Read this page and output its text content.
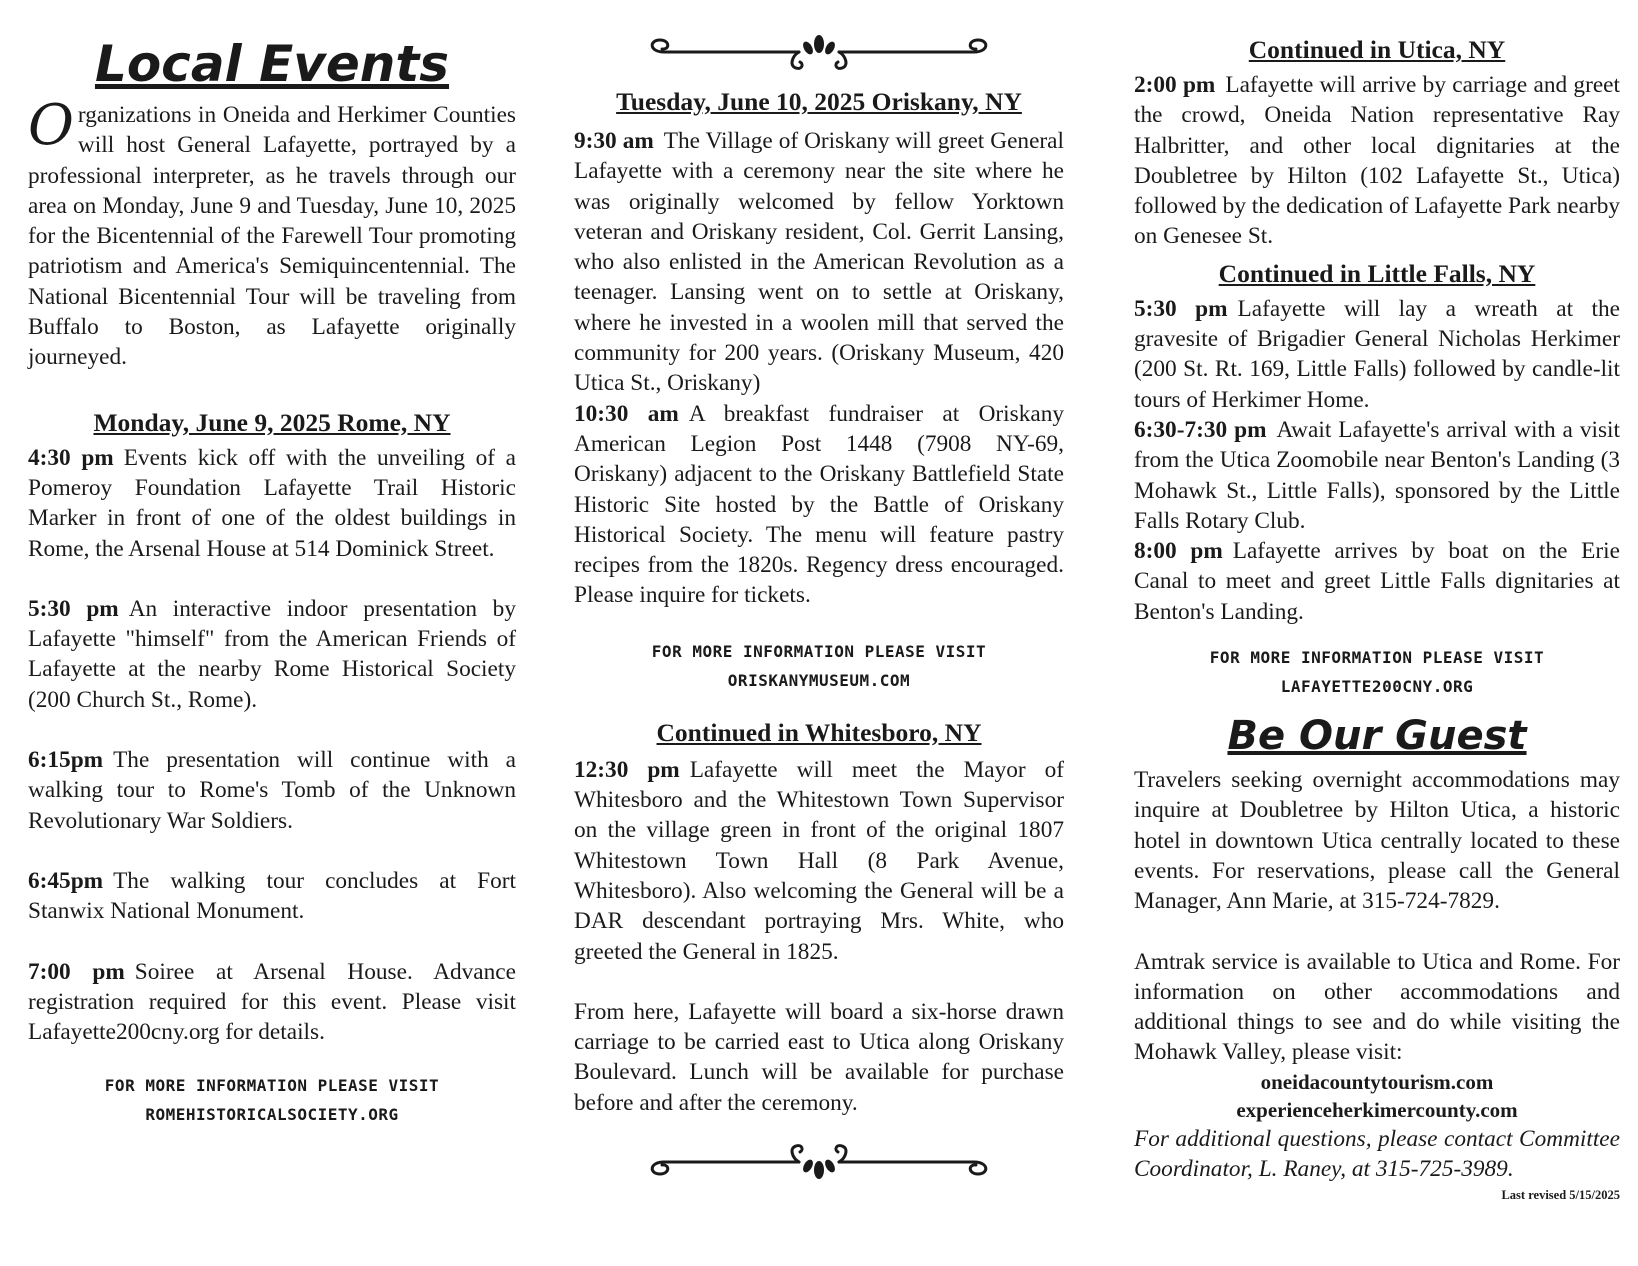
Local Events

Organizations in Oneida and Herkimer Counties will host General Lafayette, portrayed by a professional interpreter, as he travels through our area on Monday, June 9 and Tuesday, June 10, 2025 for the Bicentennial of the Farewell Tour promoting patriotism and America's Semiquincentennial. The National Bicentennial Tour will be traveling from Buffalo to Boston, as Lafayette originally journeyed.

Monday, June 9, 2025 Rome, NY

4:30 pm Events kick off with the unveiling of a Pomeroy Foundation Lafayette Trail Historic Marker in front of one of the oldest buildings in Rome, the Arsenal House at 514 Dominick Street.

5:30 pm An interactive indoor presentation by Lafayette "himself" from the American Friends of Lafayette at the nearby Rome Historical Society (200 Church St., Rome).

6:15pm The presentation will continue with a walking tour to Rome's Tomb of the Unknown Revolutionary War Soldiers.

6:45pm The walking tour concludes at Fort Stanwix National Monument.

7:00 pm Soiree at Arsenal House. Advance registration required for this event. Please visit Lafayette200cny.org for details.

FOR MORE INFORMATION PLEASE VISIT
ROMEHISTORICALSOCIETY.ORG
Tuesday, June 10, 2025 Oriskany, NY

9:30 am The Village of Oriskany will greet General Lafayette with a ceremony near the site where he was originally welcomed by fellow Yorktown veteran and Oriskany resident, Col. Gerrit Lansing, who also enlisted in the American Revolution as a teenager. Lansing went on to settle at Oriskany, where he invested in a woolen mill that served the community for 200 years. (Oriskany Museum, 420 Utica St., Oriskany)

10:30 am A breakfast fundraiser at Oriskany American Legion Post 1448 (7908 NY-69, Oriskany) adjacent to the Oriskany Battlefield State Historic Site hosted by the Battle of Oriskany Historical Society. The menu will feature pastry recipes from the 1820s. Regency dress encouraged. Please inquire for tickets.

FOR MORE INFORMATION PLEASE VISIT
ORISKANYMUSEUM.COM
Continued in Whitesboro, NY

12:30 pm Lafayette will meet the Mayor of Whitesboro and the Whitestown Town Supervisor on the village green in front of the original 1807 Whitestown Town Hall (8 Park Avenue, Whitesboro). Also welcoming the General will be a DAR descendant portraying Mrs. White, who greeted the General in 1825.

From here, Lafayette will board a six-horse drawn carriage to be carried east to Utica along Oriskany Boulevard. Lunch will be available for purchase before and after the ceremony.

Continued in Utica, NY

2:00 pm Lafayette will arrive by carriage and greet the crowd, Oneida Nation representative Ray Halbritter, and other local dignitaries at the Doubletree by Hilton (102 Lafayette St., Utica) followed by the dedication of Lafayette Park nearby on Genesee St.

Continued in Little Falls, NY

5:30 pm Lafayette will lay a wreath at the gravesite of Brigadier General Nicholas Herkimer (200 St. Rt. 169, Little Falls) followed by candle-lit tours of Herkimer Home.

6:30-7:30 pm Await Lafayette's arrival with a visit from the Utica Zoomobile near Benton's Landing (3 Mohawk St., Little Falls), sponsored by the Little Falls Rotary Club.

8:00 pm Lafayette arrives by boat on the Erie Canal to meet and greet Little Falls dignitaries at Benton's Landing.

FOR MORE INFORMATION PLEASE VISIT
LAFAYETTE200CNY.ORG
Be Our Guest

Travelers seeking overnight accommodations may inquire at Doubletree by Hilton Utica, a historic hotel in downtown Utica centrally located to these events. For reservations, please call the General Manager, Ann Marie, at 315-724-7829.

Amtrak service is available to Utica and Rome. For information on other accommodations and additional things to see and do while visiting the Mohawk Valley, please visit:

oneidacountytourism.com
experienceherkimercounty.com

For additional questions, please contact Committee Coordinator, L. Raney, at 315-725-3989.

Last revised 5/15/2025
